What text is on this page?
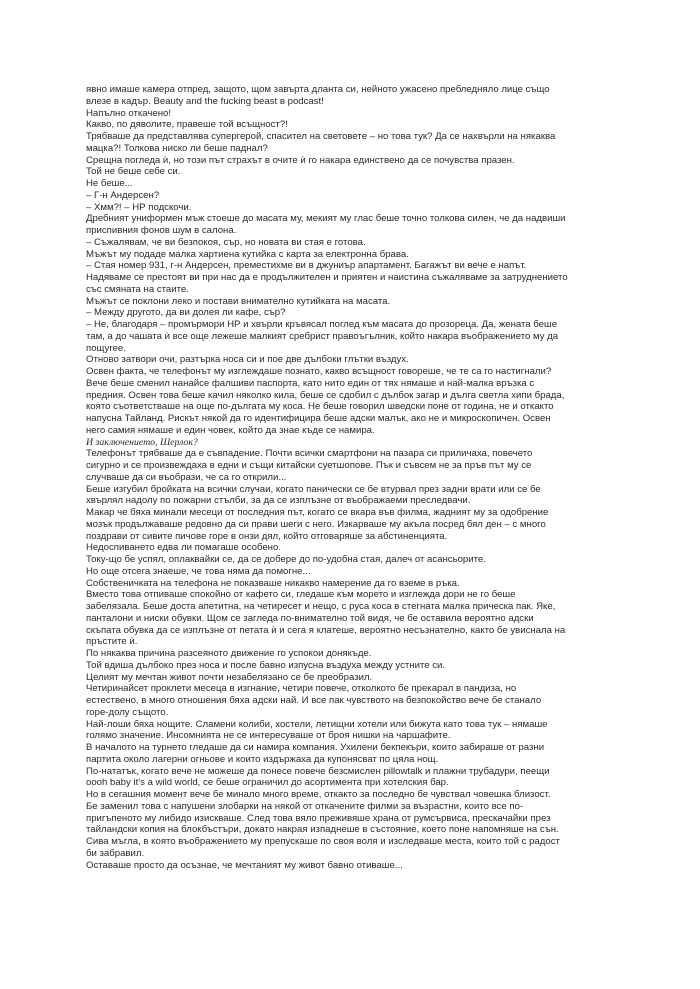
явно имаше камера отпред, защото, щом завърта дланта си, нейното ужасено пребледняло лице също
влезе в кадър. Beauty and the fucking beast в podcast!
Напълно откачено!
Какво, по дяволите, правеше той всъщност?!
Трябваше да представлява супергерой, спасител на световете – но това тук? Да се нахвърли на някаква
мацка?! Толкова ниско ли беше паднал?
Срещна погледа ѝ, но този път страхът в очите ѝ го накара единствено да се почувства празен.
Той не беше себе си.
Не беше...
– Г-н Андерсен?
– Хмм?! – НР подскочи.
Дребният униформен мъж стоеше до масата му, мекият му глас беше точно толкова силен, че да надвиши
приспивния фонов шум в салона.
– Съжалявам, че ви безпокоя, сър, но новата ви стая е готова.
Мъжът му подаде малка хартиена кутийка с карта за електронна брава.
– Стая номер 931, г-н Андерсен, преместихме ви в джуниър апартамент. Багажът ви вече е напът.
Надяваме се престоят ви при нас да е продължителен и приятен и наистина съжаляваме за затруднението
със смяната на стаите.
Мъжът се поклони леко и постави внимателно кутийката на масата.
– Между другото, да ви долея ли кафе, сър?
– Не, благодаря – промърмори НР и хвърли кръвясал поглед към масата до прозореца. Да, жената беше
там, а до чашата ѝ все още лежеше малкият сребрист правоъгълник, който накара въображението му да
пощуree.
Отново затвори очи, разтърка носа си и пое две дълбоки глътки въздух.
Освен факта, че телефонът му изглеждаше познато, какво всъщност говореше, че те са го настигнали?
Вече беше сменил нанайсе фалшиви паспорта, като нито един от тях нямаше и най-малка връзка с
предния. Освен това беше качил няколко кила, беше се сдобил с дълбок загар и дълга светла хипи брада,
която съответстваше на още по-дългата му коса. Не беше говорил шведски поне от година, не и откакто
напусна Тайланд. Рискът някой да го идентифицира беше адски малък, ако не и микроскопичен. Освен
него самия нямаше и един човек, който да знае къде се намира.
И заключението, Шерлок?
Телефонът трябваше да е съвпадение. Почти всички смартфони на пазара си приличаха, повечето
сигурно и се произвеждаха в едни и същи китайски суетшопове. Пък и съвсем не за пръв път му се
случваше да си въобрази, че са го открили...
Беше изгубил бройката на всички случаи, когато панически се бе втурвал през задни врати или се бе
хвърлял надолу по пожарни стълби, за да се изплъзне от въображаеми преследвачи.
Макар че бяха минали месеци от последния път, когато се вкара във филма, жадният му за одобрение
мозък продължаваше редовно да си прави шеги с него. Изкарваше му акъла посред бял ден – с много
поздрави от сивите пичове горе в онзи дял, който отговаряше за абстиненцията.
Недоспиването едва ли помагаше особено.
Току-що бе успял, оплаквайки се, да се добере до по-удобна стая, далеч от асансьорите.
Но още отсега знаеше, че това няма да помогне...
Собственичката на телефона не показваше никакво намерение да го вземе в ръка.
Вместо това отпиваше спокойно от кафето си, гледаше към морето и изглежда дори не го беше
забелязала. Беше доста апетитна, на четиресет и нещо, с руса коса в стегната малка прическа пак. Яке,
панталони и ниски обувки. Щом се загледа по-внимателно той видя, че бе оставила вероятно адски
скъпата обувка да се изплъзне от петата ѝ и сега я клатеше, вероятно несъзнателно, както бе увиснала на
пръстите ѝ.
По някаква причина разсеяното движение го успокои донякъде.
Той вдиша дълбоко през носа и после бавно изпусна въздуха между устните си.
Целият му мечтан живот почти незабелязано се бе преобразил.
Четиринайсет проклети месеца в изгнание, четири повече, отколкото бе прекарал в пандиза, но
естествено, в много отношения бяха адски най. И все пак чувството на безпокойство вече бе станало
горе-долу същото.
Най-лоши бяха нощите. Сламени колиби, хостели, летищни хотели или бижута като това тук – нямаше
голямо значение. Инсомнията не се интересуваше от броя нишки на чаршафите.
В началото на турнето гледаше да си намира компания. Ухилени бекпекъри, които забираше от разни
партита около лагерни огньове и които издържаха да купонясват по цяла нощ.
По-нататък, когато вече не можеше да понесе повече безсмислен pillowtalk и плажни трубадури, пеещи
oooh baby it's a wild world, се беше ограничил до асортимента при хотелския бар.
Но в сегашния момент вече бе минало много време, откакто за последно бе чувствал човешка близост.
Бе заменил това с напушени злобарки на някой от откачените филми за възрастни, които все по-
пригъпеното му либидо изискваше. След това вяло преживяше храна от румсървиса, прескачайки през
тайландски копия на блокбъстъри, докато накрая изпаднеше в състояние, което поне напомняше на сън.
Сива мъгла, в която въображението му препускаше по своя воля и изследваше места, които той с радост
би забравил.
Оставаше просто да осъзнае, че мечтаният му живот бавно отиваше...
